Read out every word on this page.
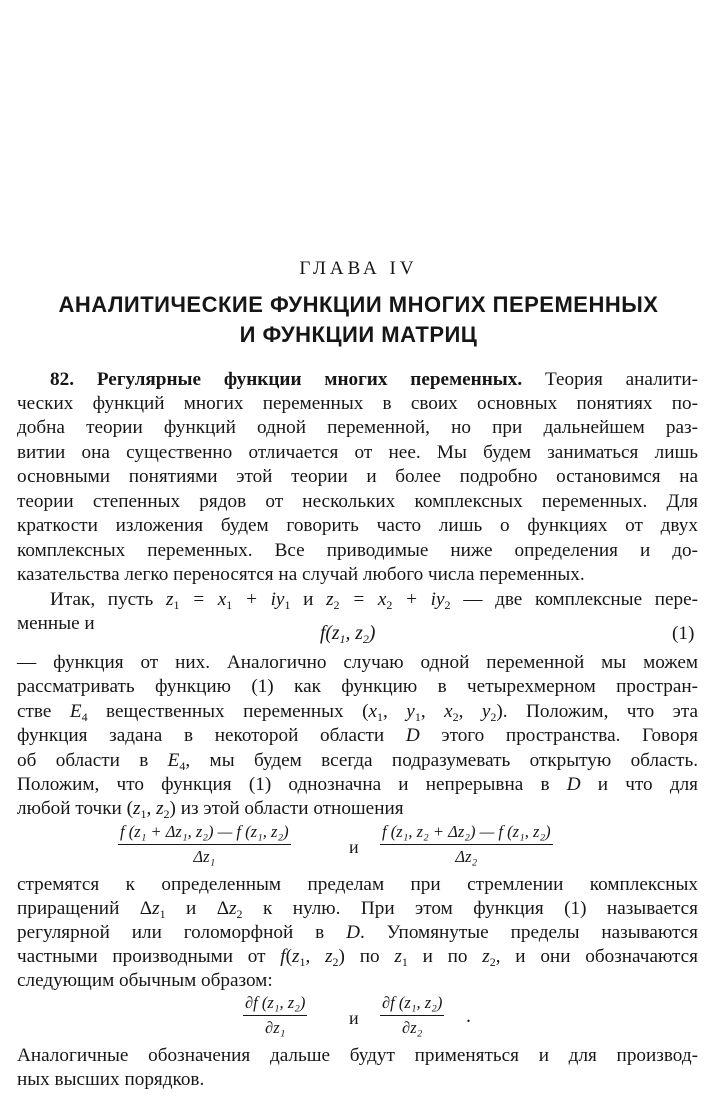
ГЛАВА IV
АНАЛИТИЧЕСКИЕ ФУНКЦИИ МНОГИХ ПЕРЕМЕННЫХ
И ФУНКЦИИ МАТРИЦ
82. Регулярные функции многих переменных. Теория аналити-
ческих функций многих переменных в своих основных понятиях по-
добна теории функций одной переменной, но при дальнейшем раз-
витии она существенно отличается от нее. Мы будем заниматься лишь
основными понятиями этой теории и более подробно остановимся на
теории степенных рядов от нескольких комплексных переменных. Для
краткости изложения будем говорить часто лишь о функциях от двух
комплексных переменных. Все приводимые ниже определения и до-
казательства легко переносятся на случай любого числа переменных.
Итак, пусть $z_1 = x_1 + iy_1$ и $z_2 = x_2 + iy_2$ — две комплексные пере-
менные и	$f(z_1$, $z_2$)	(1)
— функция от них. Аналогично случаю одной переменной мы можем
рассматривать функцию (1) как функцию в четырехмерном простран-
стве $E_4$ вещественных переменных ($x_1$, $y_1$, $x_2$, $y_2$). Положим, что эта
функция задана в некоторой области D этого пространства. Говоря
об области в $E_4$, мы будем всегда подразумевать открытую область.
Положим, что функция (1) однозначна и непрерывна в D и что для
любой точки ($z_1$, $z_2$) из этой области отношения
$\frac{\text{f (z₁ + Δz₁, z₂) — f (z₁, z₂)}}{\text{Δz₁}}$	и $\frac{\text{f (z₁, z₂ + Δz₂) — f (z₁, z₂)}}{\text{Δz₂}}$
стремятся к определенным пределам при стремлении комплексных
приращений $\Delta z_1$ и $\Delta z_2$ к нулю. При этом функция (1) называется
регулярной или голоморфной в D. Упомянутые пределы называются
частными производными от $f(z_1$, $z_2$) по $z_1$ и по $z_2$, и они обозначаются
следующим обычным образом:
$\frac{\text{∂f (z₁, z₂)}}{\text{∂z₁}}$ и $\frac{\text{∂f (z₁, z₂)}}{\text{∂z₂}}$ .
Аналогичные обозначения дальше будут применяться и для производ-
ных высших порядков.
